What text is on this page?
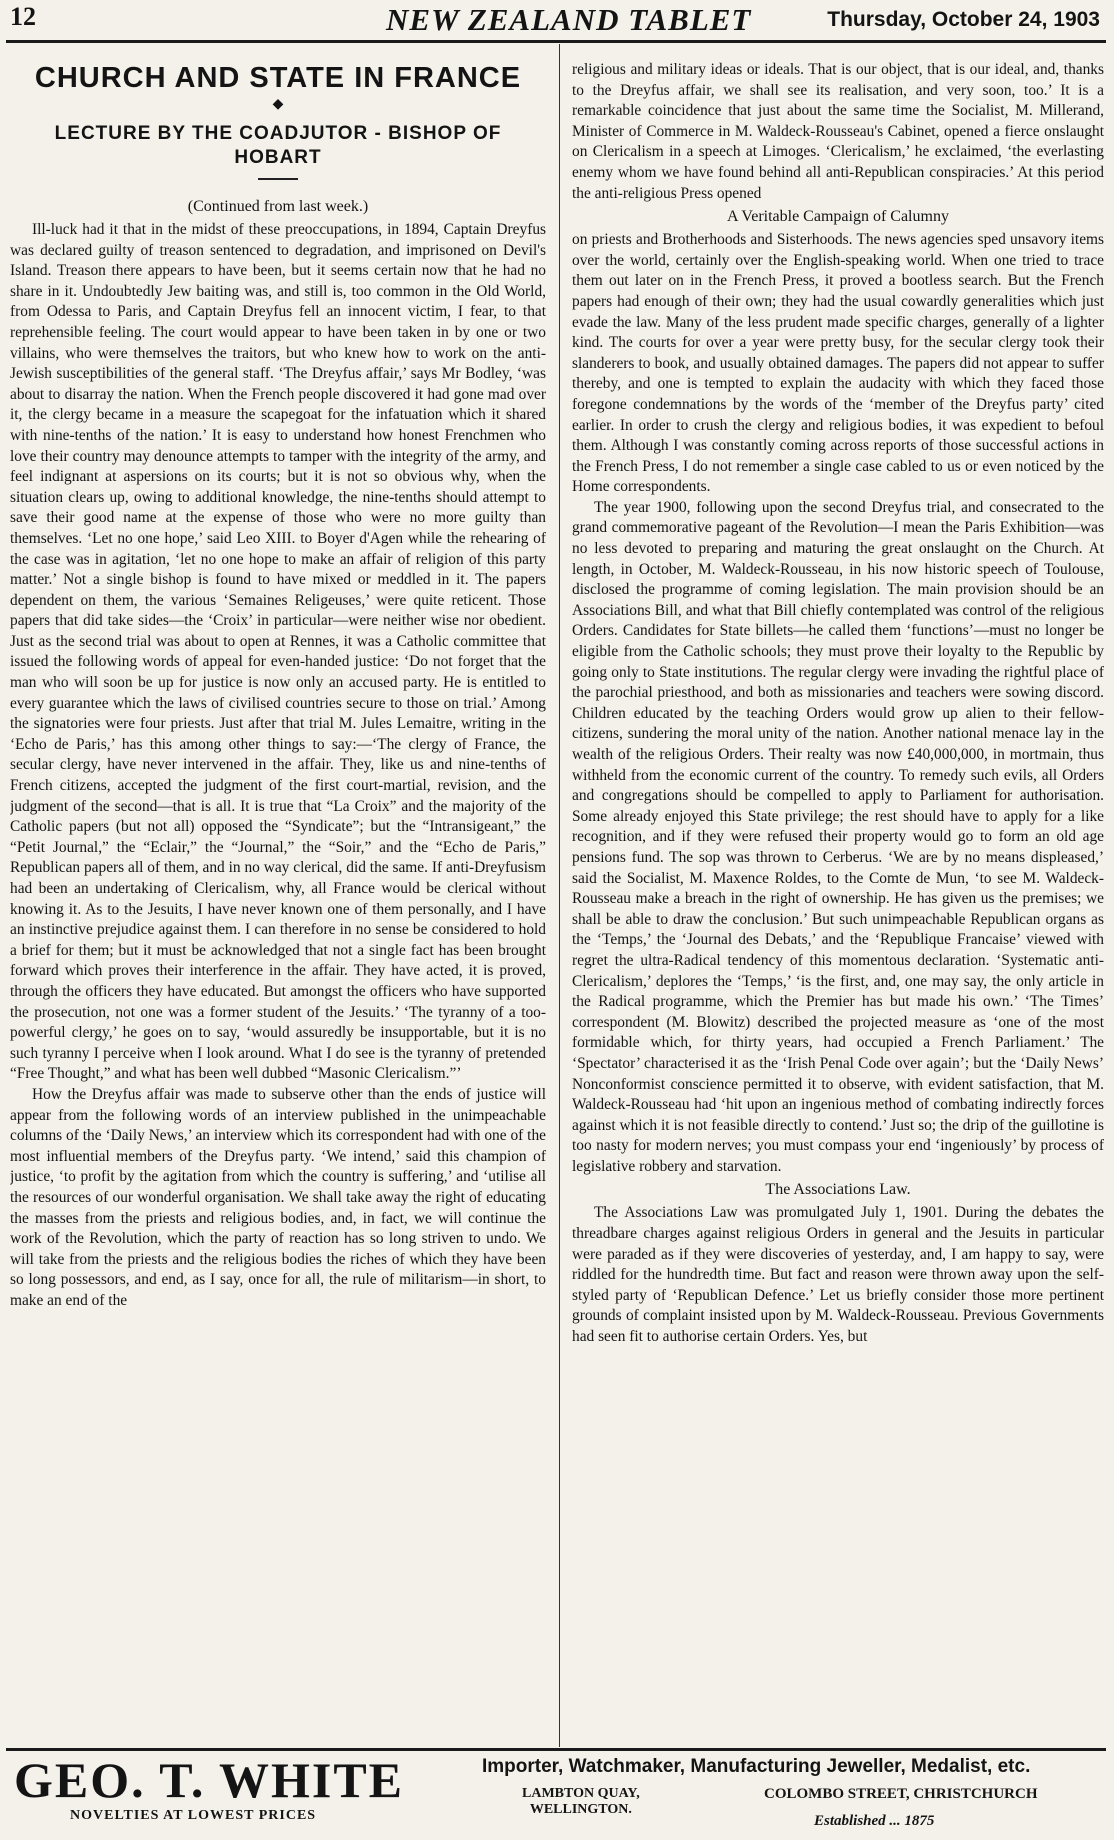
12	NEW ZEALAND TABLET	Thursday, October 24, 1903
CHURCH AND STATE IN FRANCE
◆
LECTURE BY THE COADJUTOR - BISHOP OF HOBART
(Continued from last week.)

Ill-luck had it that in the midst of these preoccupations, in 1894, Captain Dreyfus was declared guilty of treason sentenced to degradation, and imprisoned on Devil's Island. Treason there appears to have been, but it seems certain now that he had no share in it. Undoubtedly Jew baiting was, and still is, too common in the Old World, from Odessa to Paris, and Captain Dreyfus fell an innocent victim, I fear, to that reprehensible feeling. The court would appear to have been taken in by one or two villains, who were themselves the traitors, but who knew how to work on the anti-Jewish susceptibilities of the general staff. ‘The Dreyfus affair,’ says Mr Bodley, ‘was about to disarray the nation. When the French people discovered it had gone mad over it, the clergy became in a measure the scapegoat for the infatuation which it shared with nine-tenths of the nation.’ It is easy to understand how honest Frenchmen who love their country may denounce attempts to tamper with the integrity of the army, and feel indignant at aspersions on its courts; but it is not so obvious why, when the situation clears up, owing to additional knowledge, the nine-tenths should attempt to save their good name at the expense of those who were no more guilty than themselves. ‘Let no one hope,’ said Leo XIII. to Boyer d'Agen while the rehearing of the case was in agitation, ‘let no one hope to make an affair of religion of this party matter.’ Not a single bishop is found to have mixed or meddled in it. The papers dependent on them, the various ‘Semaines Religeuses,’ were quite reticent. Those papers that did take sides—the ‘Croix’ in particular—were neither wise nor obedient. Just as the second trial was about to open at Rennes, it was a Catholic committee that issued the following words of appeal for even-handed justice: ‘Do not forget that the man who will soon be up for justice is now only an accused party. He is entitled to every guarantee which the laws of civilised countries secure to those on trial.’ Among the signatories were four priests. Just after that trial M. Jules Lemaitre, writing in the ‘Echo de Paris,’ has this among other things to say:—‘The clergy of France, the secular clergy, have never intervened in the affair. They, like us and nine-tenths of French citizens, accepted the judgment of the first court-martial, revision, and the judgment of the second—that is all. It is true that “La Croix” and the majority of the Catholic papers (but not all) opposed the “Syndicate”; but the “Intransigeant,” the “Petit Journal,” the “Eclair,” the “Journal,” the “Soir,” and the “Echo de Paris,” Republican papers all of them, and in no way clerical, did the same. If anti-Dreyfusism had been an undertaking of Clericalism, why, all France would be clerical without knowing it. As to the Jesuits, I have never known one of them personally, and I have an instinctive prejudice against them. I can therefore in no sense be considered to hold a brief for them; but it must be acknowledged that not a single fact has been brought forward which proves their interference in the affair. They have acted, it is proved, through the officers they have educated. But amongst the officers who have supported the prosecution, not one was a former student of the Jesuits.’ ‘The tyranny of a too-powerful clergy,’ he goes on to say, ‘would assuredly be insupportable, but it is no such tyranny I perceive when I look around. What I do see is the tyranny of pretended “Free Thought,” and what has been well dubbed “Masonic Clericalism.”’

How the Dreyfus affair was made to subserve other than the ends of justice will appear from the following words of an interview published in the unimpeachable columns of the ‘Daily News,’ an interview which its correspondent had with one of the most influential members of the Dreyfus party. ‘We intend,’ said this champion of justice, ‘to profit by the agitation from which the country is suffering,’ and ‘utilise all the resources of our wonderful organisation. We shall take away the right of educating the masses from the priests and religious bodies, and, in fact, we will continue the work of the Revolution, which the party of reaction has so long striven to undo. We will take from the priests and the religious bodies the riches of which they have been so long possessors, and end, as I say, once for all, the rule of militarism—in short, to make an end of the

religious and military ideas or ideals. That is our object, that is our ideal, and, thanks to the Dreyfus affair, we shall see its realisation, and very soon, too.’ It is a remarkable coincidence that just about the same time the Socialist, M. Millerand, Minister of Commerce in M. Waldeck-Rousseau's Cabinet, opened a fierce onslaught on Clericalism in a speech at Limoges. ‘Clericalism,’ he exclaimed, ‘the everlasting enemy whom we have found behind all anti-Republican conspiracies.’ At this period the anti-religious Press opened

A Veritable Campaign of Calumny

on priests and Brotherhoods and Sisterhoods. The news agencies sped unsavory items over the world, certainly over the English-speaking world. When one tried to trace them out later on in the French Press, it proved a bootless search. But the French papers had enough of their own; they had the usual cowardly generalities which just evade the law. Many of the less prudent made specific charges, generally of a lighter kind. The courts for over a year were pretty busy, for the secular clergy took their slanderers to book, and usually obtained damages. The papers did not appear to suffer thereby, and one is tempted to explain the audacity with which they faced those foregone condemnations by the words of the ‘member of the Dreyfus party’ cited earlier. In order to crush the clergy and religious bodies, it was expedient to befoul them. Although I was constantly coming across reports of those successful actions in the French Press, I do not remember a single case cabled to us or even noticed by the Home correspondents.

The year 1900, following upon the second Dreyfus trial, and consecrated to the grand commemorative pageant of the Revolution—I mean the Paris Exhibition—was no less devoted to preparing and maturing the great onslaught on the Church. At length, in October, M. Waldeck-Rousseau, in his now historic speech of Toulouse, disclosed the programme of coming legislation. The main provision should be an Associations Bill, and what that Bill chiefly contemplated was control of the religious Orders. Candidates for State billets—he called them ‘functions’—must no longer be eligible from the Catholic schools; they must prove their loyalty to the Republic by going only to State institutions. The regular clergy were invading the rightful place of the parochial priesthood, and both as missionaries and teachers were sowing discord. Children educated by the teaching Orders would grow up alien to their fellow-citizens, sundering the moral unity of the nation. Another national menace lay in the wealth of the religious Orders. Their realty was now £40,000,000, in mortmain, thus withheld from the economic current of the country. To remedy such evils, all Orders and congregations should be compelled to apply to Parliament for authorisation. Some already enjoyed this State privilege; the rest should have to apply for a like recognition, and if they were refused their property would go to form an old age pensions fund. The sop was thrown to Cerberus. ‘We are by no means displeased,’ said the Socialist, M. Maxence Roldes, to the Comte de Mun, ‘to see M. Waldeck-Rousseau make a breach in the right of ownership. He has given us the premises; we shall be able to draw the conclusion.’ But such unimpeachable Republican organs as the ‘Temps,’ the ‘Journal des Debats,’ and the ‘Republique Francaise’ viewed with regret the ultra-Radical tendency of this momentous declaration. ‘Systematic anti-Clericalism,’ deplores the ‘Temps,’ ‘is the first, and, one may say, the only article in the Radical programme, which the Premier has but made his own.’ ‘The Times’ correspondent (M. Blowitz) described the projected measure as ‘one of the most formidable which, for thirty years, had occupied a French Parliament.’ The ‘Spectator’ characterised it as the ‘Irish Penal Code over again’; but the ‘Daily News’ Nonconformist conscience permitted it to observe, with evident satisfaction, that M. Waldeck-Rousseau had ‘hit upon an ingenious method of combating indirectly forces against which it is not feasible directly to contend.’ Just so; the drip of the guillotine is too nasty for modern nerves; you must compass your end ‘ingeniously’ by process of legislative robbery and starvation.

The Associations Law.

The Associations Law was promulgated July 1, 1901. During the debates the threadbare charges against religious Orders in general and the Jesuits in particular were paraded as if they were discoveries of yesterday, and, I am happy to say, were riddled for the hundredth time. But fact and reason were thrown away upon the self-styled party of ‘Republican Defence.’ Let us briefly consider those more pertinent grounds of complaint insisted upon by M. Waldeck-Rousseau. Previous Governments had seen fit to authorise certain Orders. Yes, but

GEO. T. WHITE
NOVELTIES AT LOWEST PRICES
Importer, Watchmaker, Manufacturing Jeweller, Medalist, etc.
LAMBTON QUAY,
WELLINGTON.
COLOMBO STREET, CHRISTCHURCH
Established ... 1875
